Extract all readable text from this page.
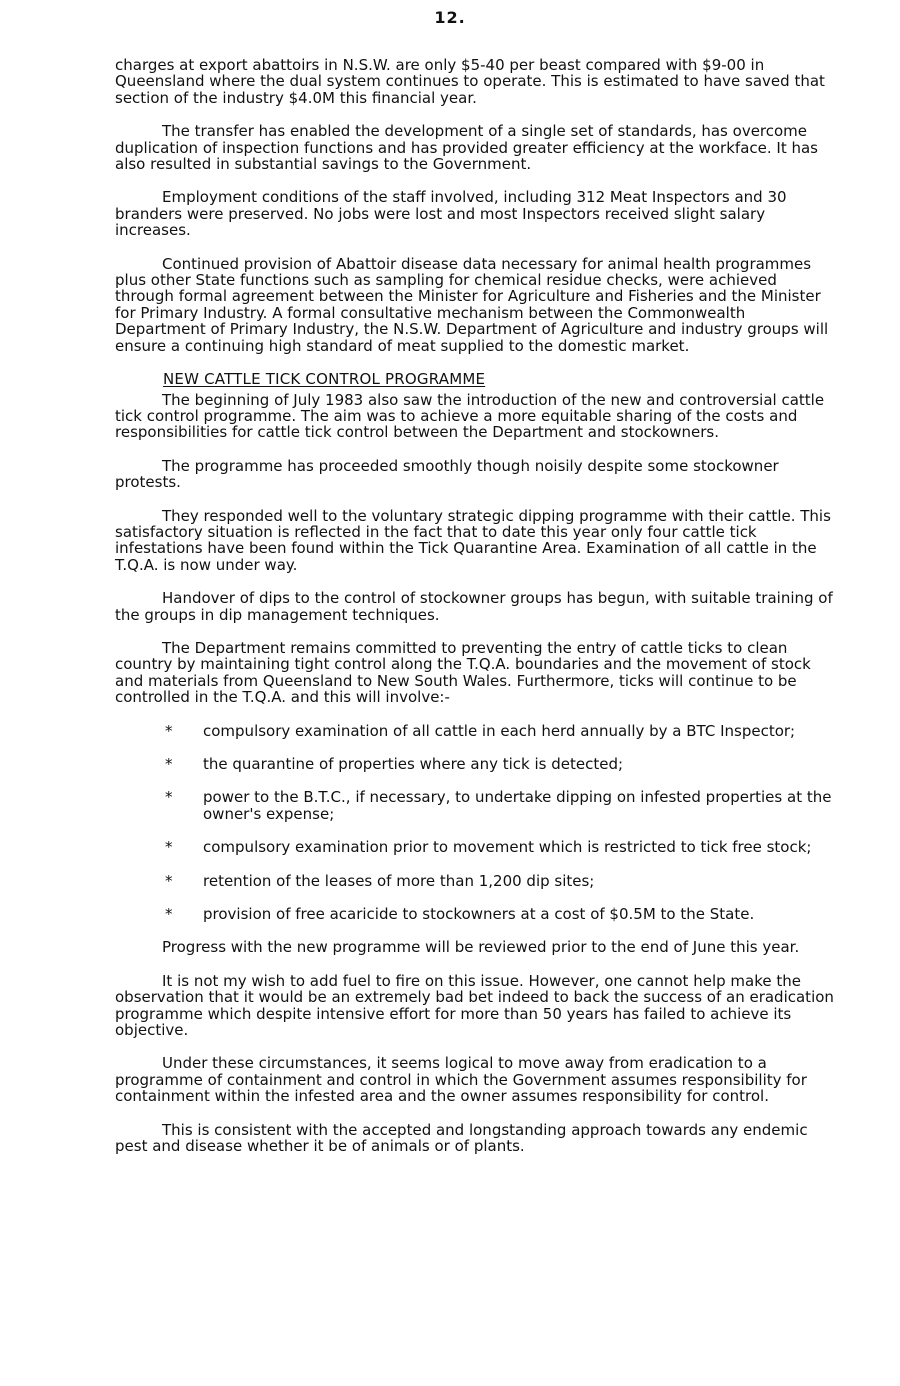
12.

charges at export abattoirs in N.S.W. are only $5-40 per beast compared with $9-00 in Queensland where the dual system continues to operate. This is estimated to have saved that section of the industry $4.0M this financial year.

The transfer has enabled the development of a single set of standards, has overcome duplication of inspection functions and has provided greater efficiency at the workface. It has also resulted in substantial savings to the Government.

Employment conditions of the staff involved, including 312 Meat Inspectors and 30 branders were preserved. No jobs were lost and most Inspectors received slight salary increases.

Continued provision of Abattoir disease data necessary for animal health programmes plus other State functions such as sampling for chemical residue checks, were achieved through formal agreement between the Minister for Agriculture and Fisheries and the Minister for Primary Industry. A formal consultative mechanism between the Commonwealth Department of Primary Industry, the N.S.W. Department of Agriculture and industry groups will ensure a continuing high standard of meat supplied to the domestic market.

NEW CATTLE TICK CONTROL PROGRAMME

The beginning of July 1983 also saw the introduction of the new and controversial cattle tick control programme. The aim was to achieve a more equitable sharing of the costs and responsibilities for cattle tick control between the Department and stockowners.

The programme has proceeded smoothly though noisily despite some stockowner protests.

They responded well to the voluntary strategic dipping programme with their cattle. This satisfactory situation is reflected in the fact that to date this year only four cattle tick infestations have been found within the Tick Quarantine Area. Examination of all cattle in the T.Q.A. is now under way.

Handover of dips to the control of stockowner groups has begun, with suitable training of the groups in dip management techniques.

The Department remains committed to preventing the entry of cattle ticks to clean country by maintaining tight control along the T.Q.A. boundaries and the movement of stock and materials from Queensland to New South Wales. Furthermore, ticks will continue to be controlled in the T.Q.A. and this will involve:-

* compulsory examination of all cattle in each herd annually by a BTC Inspector;
* the quarantine of properties where any tick is detected;
* power to the B.T.C., if necessary, to undertake dipping on infested properties at the owner's expense;
* compulsory examination prior to movement which is restricted to tick free stock;
* retention of the leases of more than 1,200 dip sites;
* provision of free acaricide to stockowners at a cost of $0.5M to the State.

Progress with the new programme will be reviewed prior to the end of June this year.

It is not my wish to add fuel to fire on this issue. However, one cannot help make the observation that it would be an extremely bad bet indeed to back the success of an eradication programme which despite intensive effort for more than 50 years has failed to achieve its objective.

Under these circumstances, it seems logical to move away from eradication to a programme of containment and control in which the Government assumes responsibility for containment within the infested area and the owner assumes responsibility for control.

This is consistent with the accepted and longstanding approach towards any endemic pest and disease whether it be of animals or of plants.
